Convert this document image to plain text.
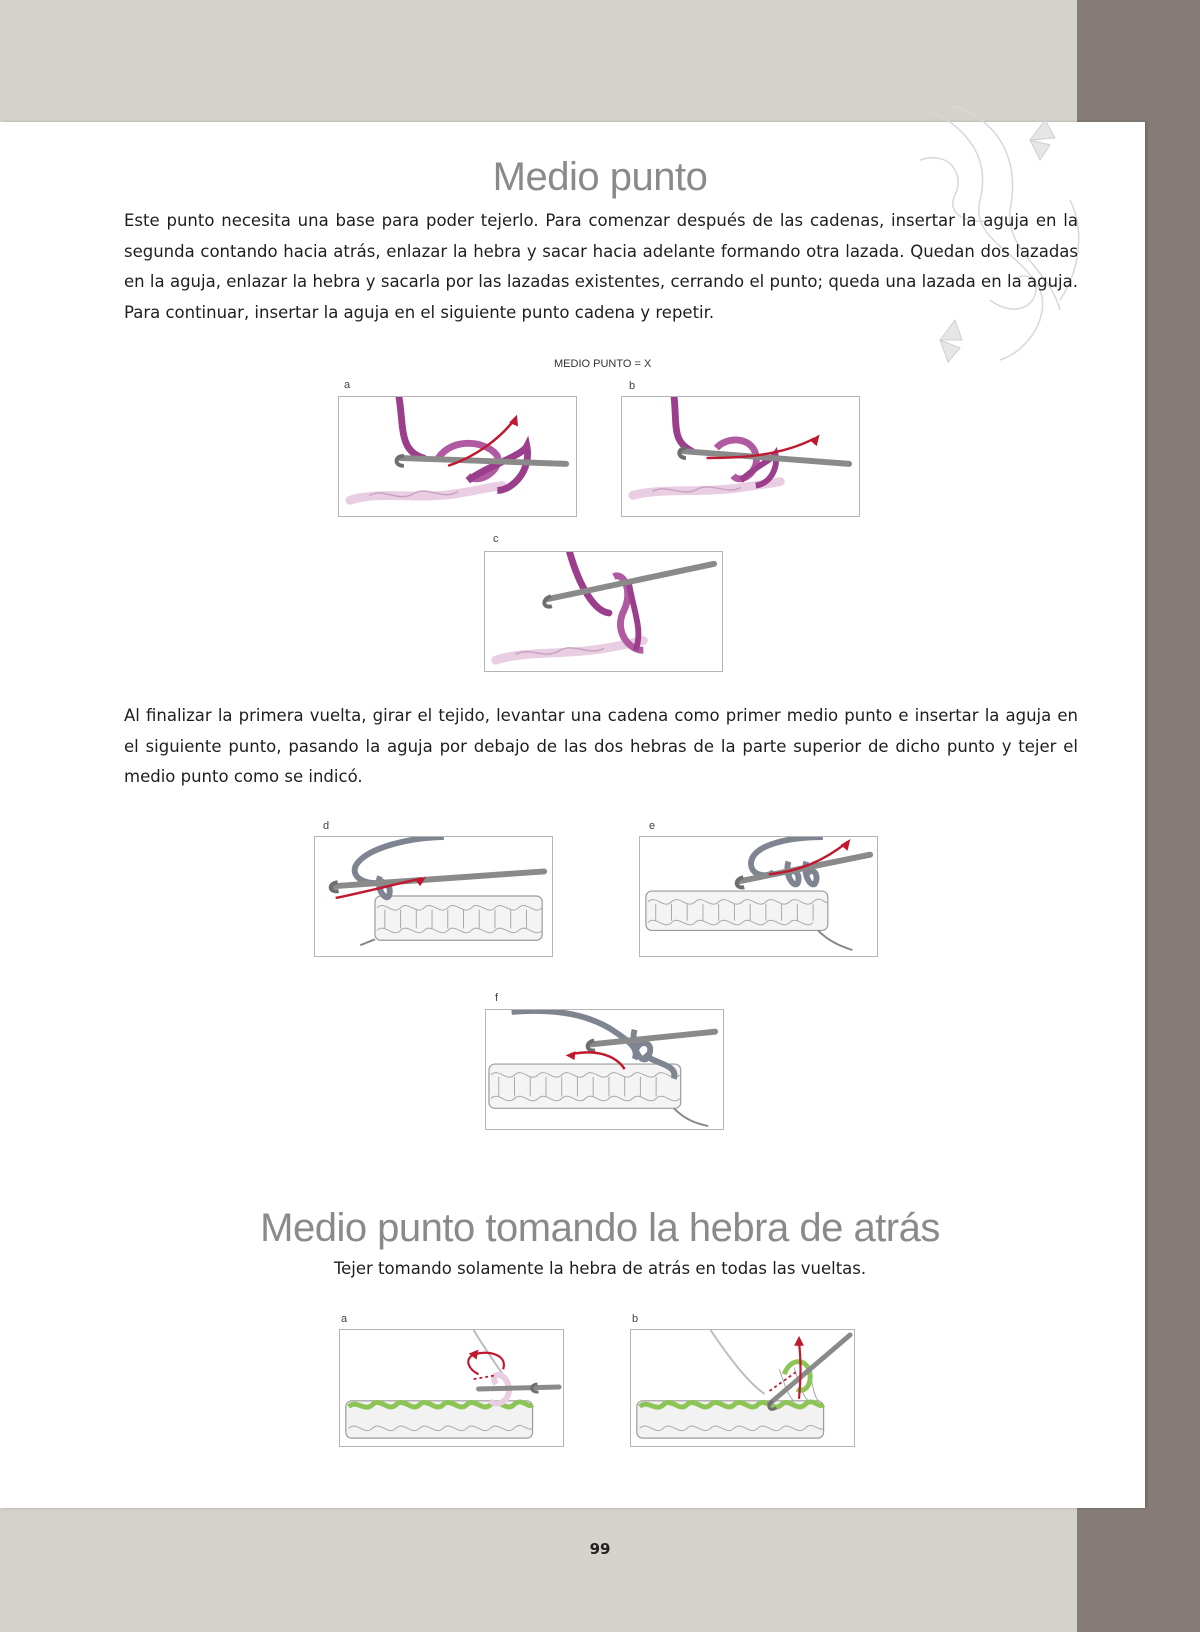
Medio punto

Este punto necesita una base para poder tejerlo. Para comenzar después de las cadenas, insertar la aguja en la segunda contando hacia atrás, enlazar la hebra y sacar hacia adelante formando otra lazada. Quedan dos lazadas en la aguja, enlazar la hebra y sacarla por las lazadas existentes, cerrando el punto; queda una lazada en la aguja. Para continuar, insertar la aguja en el siguiente punto cadena y repetir.

MEDIO PUNTO = X
a	b
c

Al finalizar la primera vuelta, girar el tejido, levantar una cadena como primer medio punto e insertar la aguja en el siguiente punto, pasando la aguja por debajo de las dos hebras de la parte superior de dicho punto y tejer el medio punto como se indicó.

d	e
f
Medio punto tomando la hebra de atrás
Tejer tomando solamente la hebra de atrás en todas las vueltas.
a	b
99
